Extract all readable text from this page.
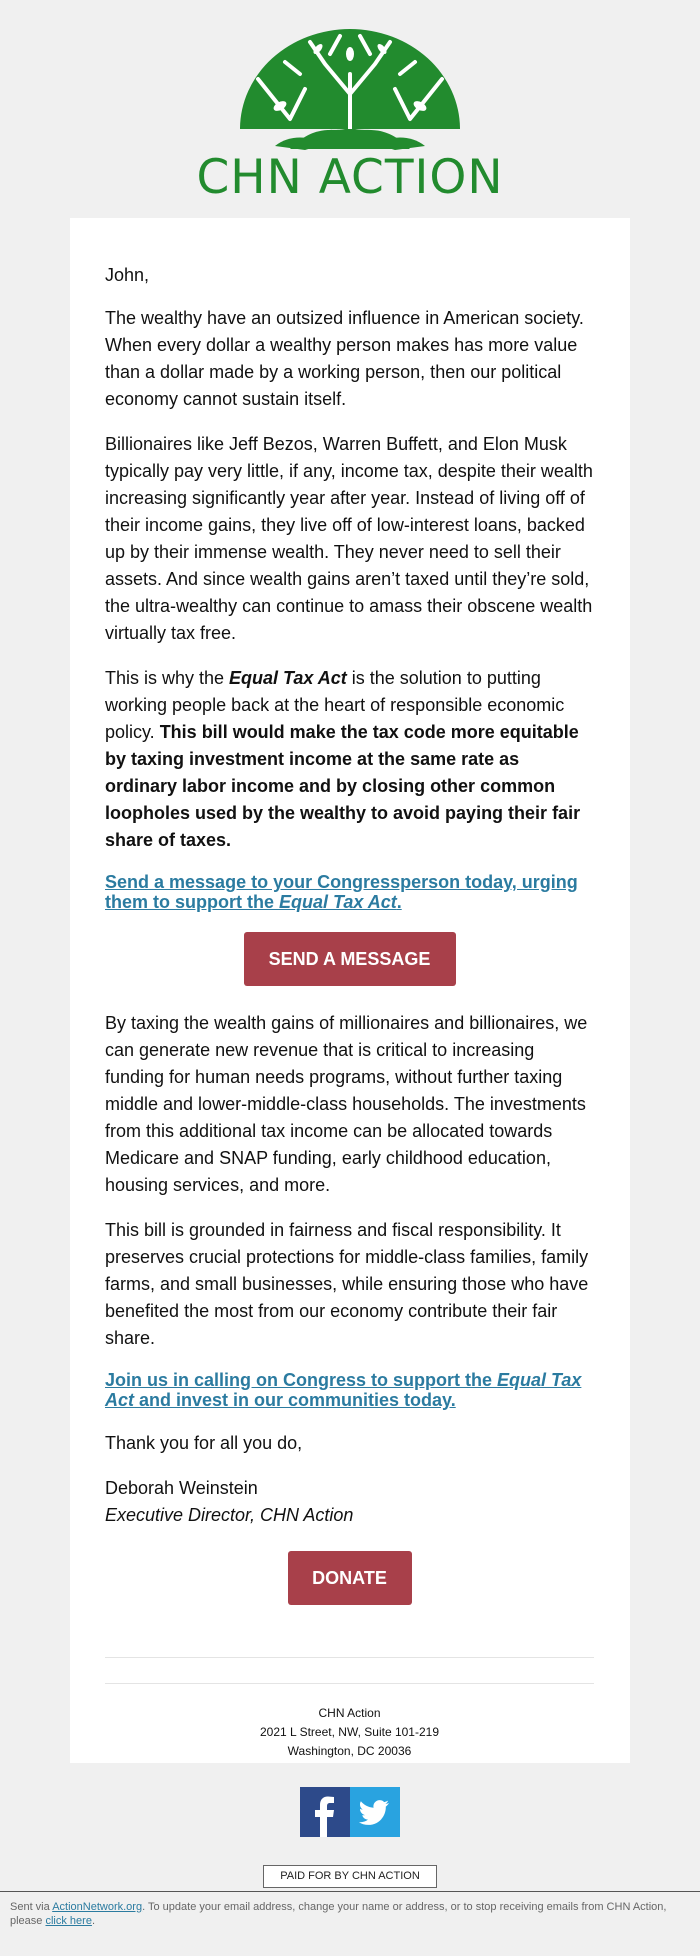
CHN ACTION

John,

The wealthy have an outsized influence in American society. When every dollar a wealthy person makes has more value than a dollar made by a working person, then our political economy cannot sustain itself.

Billionaires like Jeff Bezos, Warren Buffett, and Elon Musk typically pay very little, if any, income tax, despite their wealth increasing significantly year after year. Instead of living off of their income gains, they live off of low-interest loans, backed up by their immense wealth. They never need to sell their assets. And since wealth gains aren’t taxed until they’re sold, the ultra-wealthy can continue to amass their obscene wealth virtually tax free.

This is why the Equal Tax Act is the solution to putting working people back at the heart of responsible economic policy. This bill would make the tax code more equitable by taxing investment income at the same rate as ordinary labor income and by closing other common loopholes used by the wealthy to avoid paying their fair share of taxes.

Send a message to your Congressperson today, urging them to support the Equal Tax Act.
SEND A MESSAGE

By taxing the wealth gains of millionaires and billionaires, we can generate new revenue that is critical to increasing funding for human needs programs, without further taxing middle and lower-middle-class households. The investments from this additional tax income can be allocated towards Medicare and SNAP funding, early childhood education, housing services, and more.

This bill is grounded in fairness and fiscal responsibility. It preserves crucial protections for middle-class families, family farms, and small businesses, while ensuring those who have benefited the most from our economy contribute their fair share.

Join us in calling on Congress to support the Equal Tax Act and invest in our communities today.

Thank you for all you do,

Deborah Weinstein

Executive Director, CHN Action

DONATE
CHN Action
2021 L Street, NW, Suite 101-219
Washington, DC 20036
PAID FOR BY CHN ACTION
Sent via ActionNetwork.org. To update your email address, change your name or address, or to stop receiving emails from CHN Action, please click here.
